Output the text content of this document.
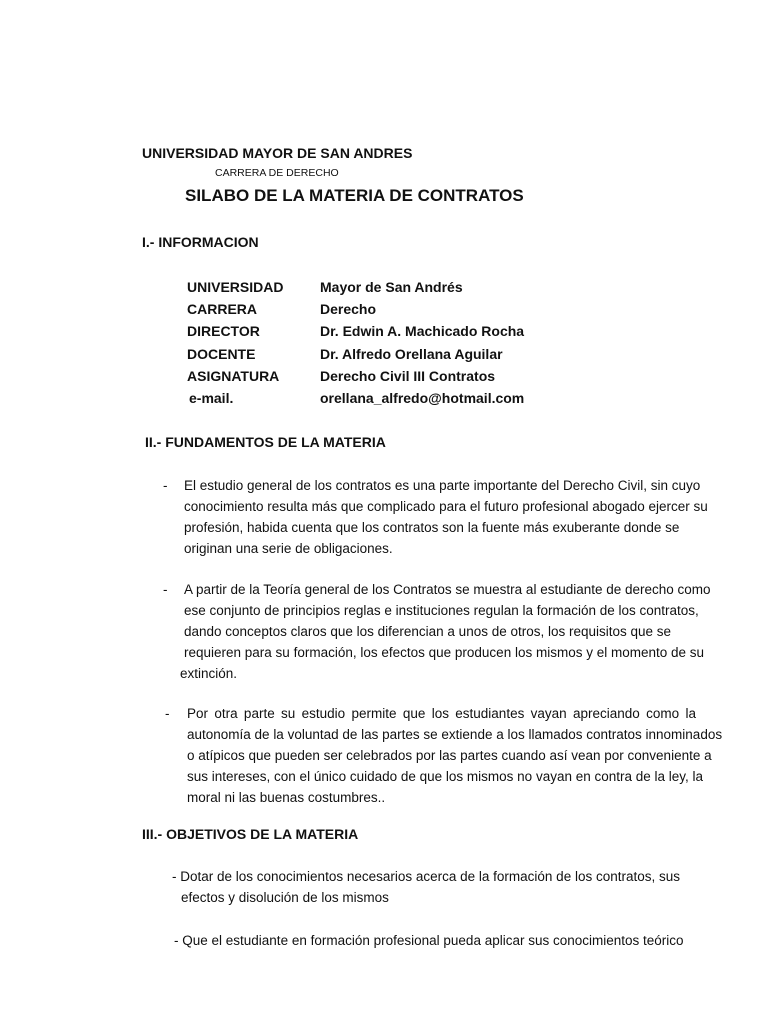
UNIVERSIDAD MAYOR DE SAN ANDRES
CARRERA DE DERECHO
SILABO DE LA MATERIA DE CONTRATOS
I.- INFORMACION
UNIVERSIDAD	Mayor de San Andrés
CARRERA	Derecho
DIRECTOR	Dr. Edwin A. Machicado Rocha
DOCENTE	Dr. Alfredo Orellana Aguilar
ASIGNATURA	Derecho Civil III Contratos
e-mail.	orellana_alfredo@hotmail.com
II.- FUNDAMENTOS DE LA MATERIA
- El estudio general de los contratos es una parte importante del Derecho Civil, sin cuyo
conocimiento resulta más que complicado para el futuro profesional abogado ejercer su
profesión, habida cuenta que los contratos son la fuente más exuberante donde se
originan una serie de obligaciones.
- A partir de la Teoría general de los Contratos se muestra al estudiante de derecho como
ese conjunto de principios reglas e instituciones regulan la formación de los contratos,
dando conceptos claros que los diferencian a unos de otros, los requisitos que se
requieren para su formación, los efectos que producen los mismos y el momento de su
extinción.
- Por otra parte su estudio permite que los estudiantes vayan apreciando como la
autonomía de la voluntad de las partes se extiende a los llamados contratos innominados
o atípicos que pueden ser celebrados por las partes cuando así vean por conveniente a
sus intereses, con el único cuidado de que los mismos no vayan en contra de la ley, la
moral ni las buenas costumbres..
III.- OBJETIVOS DE LA MATERIA
- Dotar de los conocimientos necesarios acerca de la formación de los contratos, sus
efectos y disolución de los mismos
- Que el estudiante en formación profesional pueda aplicar sus conocimientos teórico
